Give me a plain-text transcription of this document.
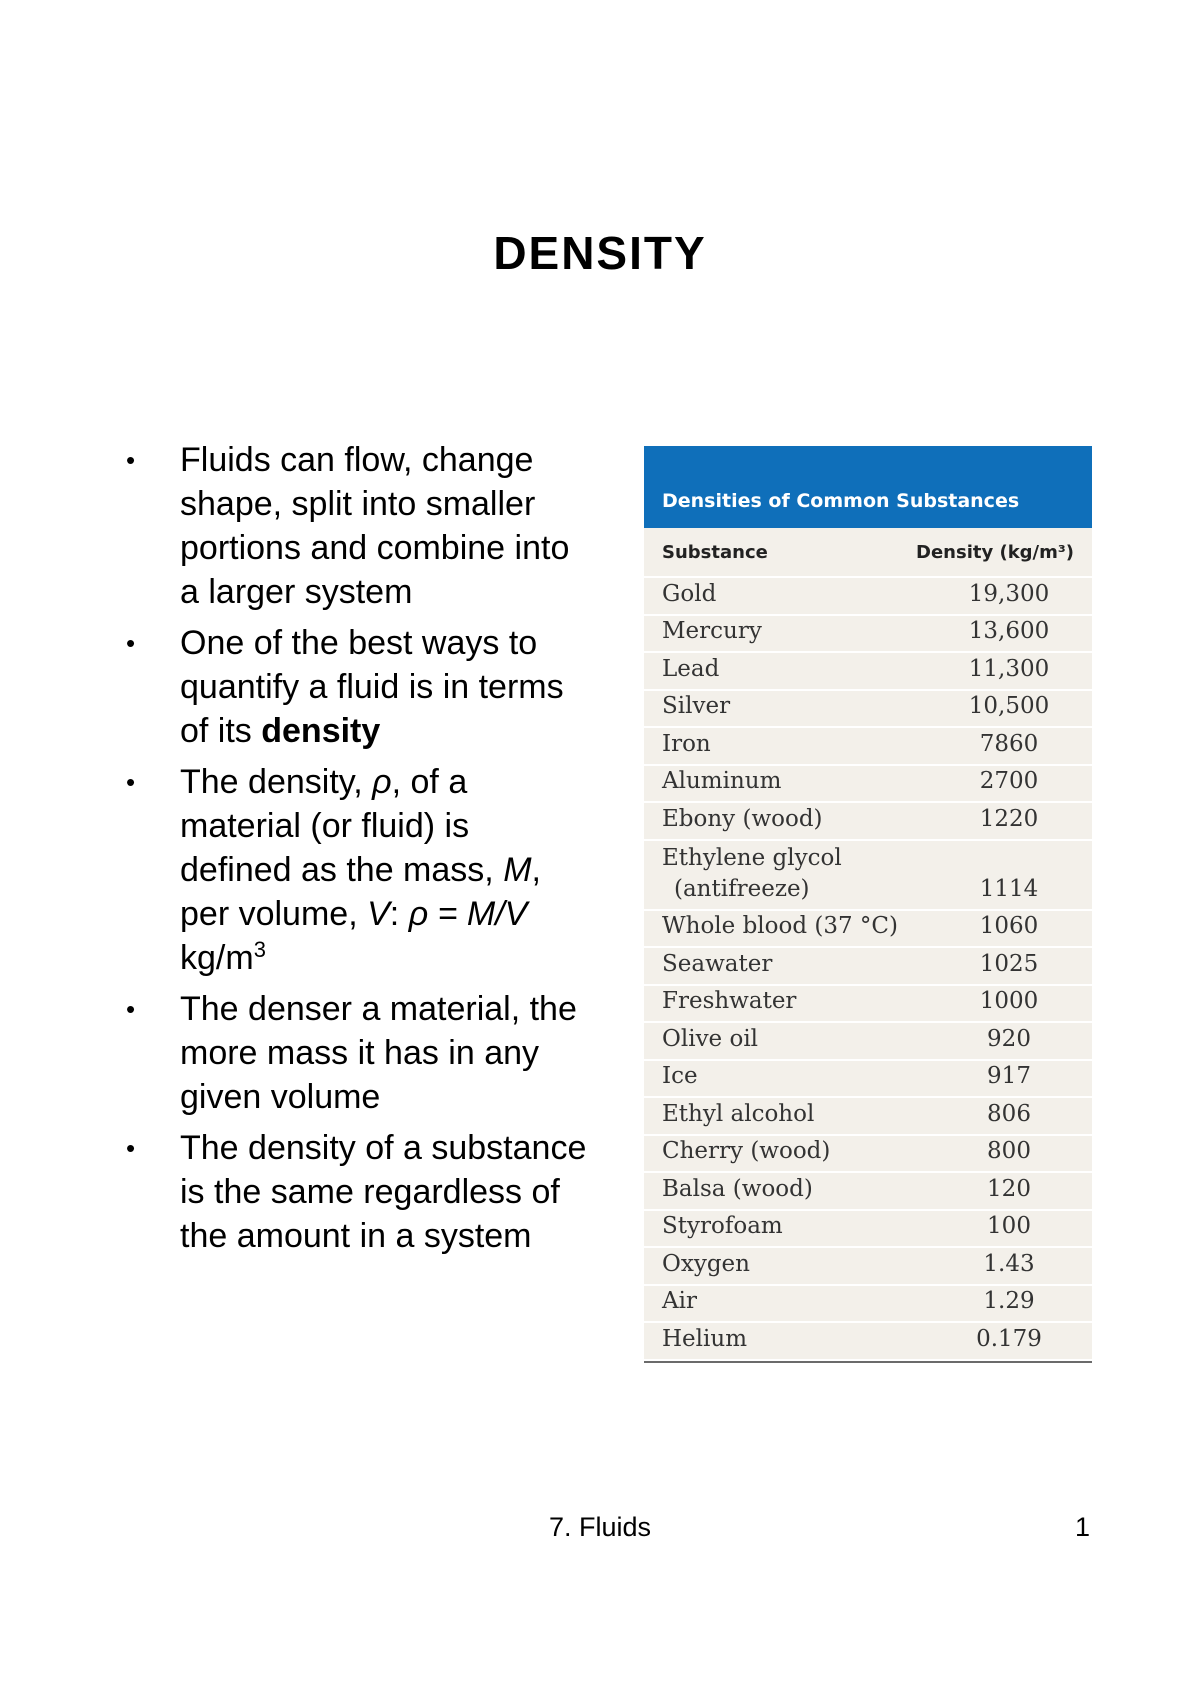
DENSITY
• Fluids can flow, change shape, split into smaller portions and combine into a larger system
• One of the best ways to quantify a fluid is in terms of its density
• The density, ρ, of a material (or fluid) is defined as the mass, M, per volume, V: ρ = M/V $kg/m^3$
• The denser a material, the more mass it has in any given volume
• The density of a substance is the same regardless of the amount in a system
Densities of Common Substances
Substance	Density (kg/m³)
Gold	19,300
Mercury	13,600
Lead	11,300
Silver	10,500
Iron	7860
Aluminum	2700
Ebony (wood)	1220
Ethylene glycol
(antifreeze)	1114
Whole blood (37 °C)	1060
Seawater	1025
Freshwater	1000
Olive oil	920
Ice	917
Ethyl alcohol	806
Cherry (wood)	800
Balsa (wood)	120
Styrofoam	100
Oxygen	1.43
Air	1.29
Helium	0.179
7. Fluids	1
